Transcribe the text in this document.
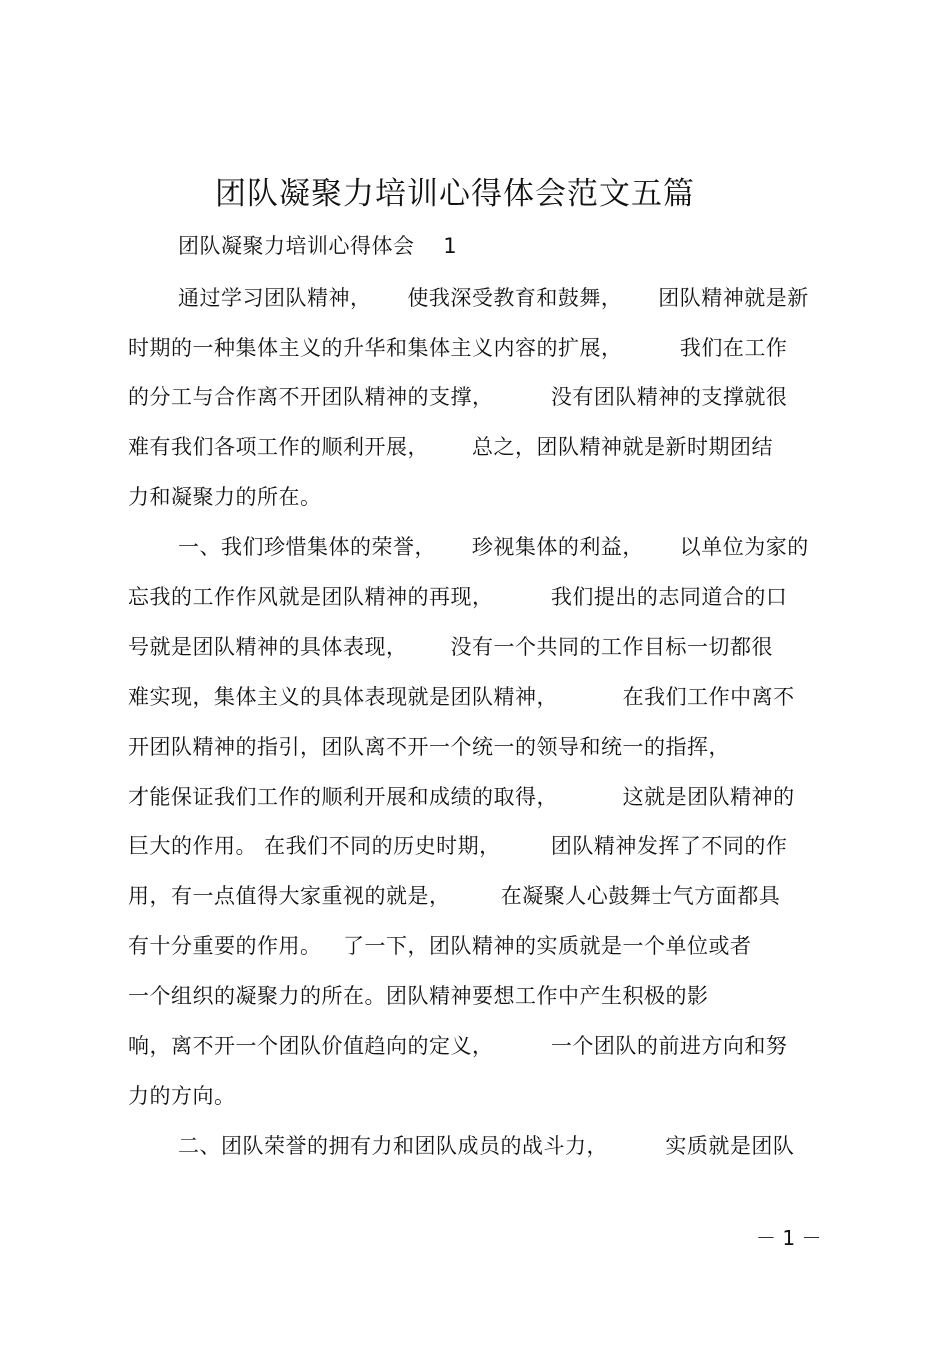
团队凝聚力培训心得体会范文五篇
团队凝聚力培训心得体会 1
通过学习团队精神，     使我深受教育和鼓舞，     团队精神就是新
时期的一种集体主义的升华和集体主义内容的扩展，        我们在工作
的分工与合作离不开团队精神的支撑，        没有团队精神的支撑就很
难有我们各项工作的顺利开展，      总之，团队精神就是新时期团结
力和凝聚力的所在。
一、我们珍惜集体的荣誉，     珍视集体的利益，     以单位为家的
忘我的工作作风就是团队精神的再现，        我们提出的志同道合的口
号就是团队精神的具体表现，      没有一个共同的工作目标一切都很
难实现，集体主义的具体表现就是团队精神，         在我们工作中离不
开团队精神的指引，团队离不开一个统一的领导和统一的指挥，
才能保证我们工作的顺利开展和成绩的取得，         这就是团队精神的
巨大的作用。 在我们不同的历史时期，       团队精神发挥了不同的作
用，有一点值得大家重视的就是，       在凝聚人心鼓舞士气方面都具
有十分重要的作用。   了一下，团队精神的实质就是一个单位或者
一个组织的凝聚力的所在。团队精神要想工作中产生积极的影
响，离不开一个团队价值趋向的定义，        一个团队的前进方向和努
力的方向。
二、团队荣誉的拥有力和团队成员的战斗力，        实质就是团队
－ 1 －
